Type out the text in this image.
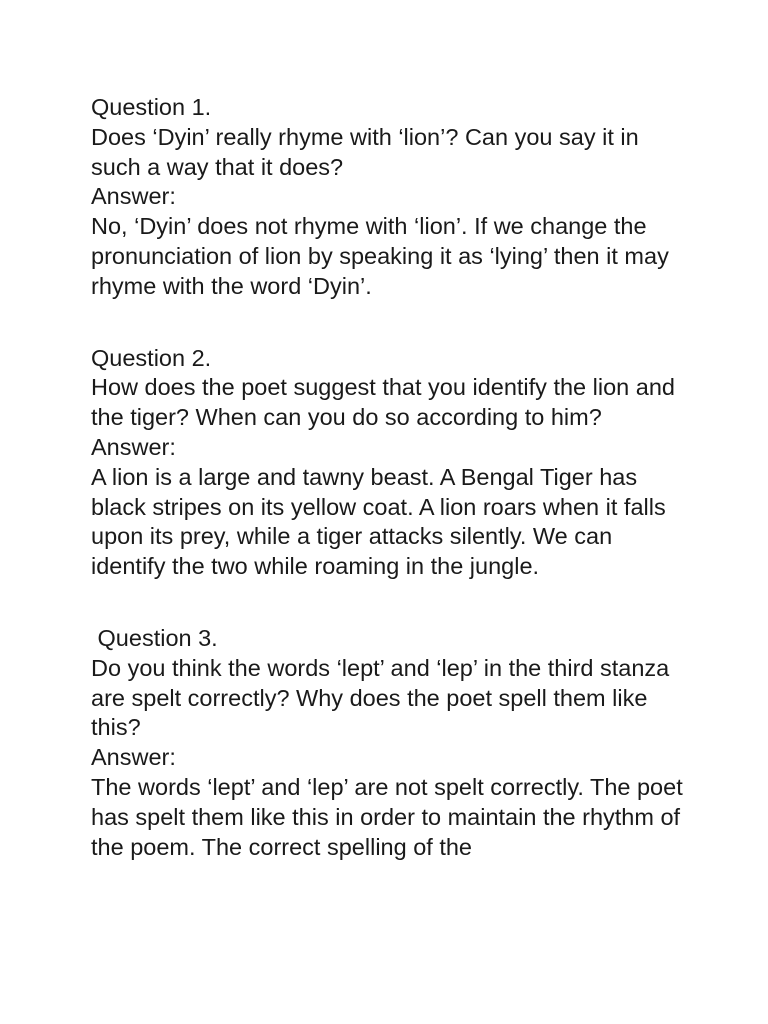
Question 1.
Does ‘Dyin’ really rhyme with ‘lion’? Can you say it in such a way that it does?
Answer:
No, ‘Dyin’ does not rhyme with ‘lion’. If we change the pronunciation of lion by speaking it as ‘lying’ then it may rhyme with the word ‘Dyin’.
Question 2.
How does the poet suggest that you identify the lion and the tiger? When can you do so according to him?
Answer:
A lion is a large and tawny beast. A Bengal Tiger has black stripes on its yellow coat. A lion roars when it falls upon its prey, while a tiger attacks silently. We can identify the two while roaming in the jungle.
Question 3.
Do you think the words ‘lept’ and ‘lep’ in the third stanza are spelt correctly? Why does the poet spell them like this?
Answer:
The words ‘lept’ and ‘lep’ are not spelt correctly. The poet has spelt them like this in order to maintain the rhythm of the poem. The correct spelling of the
